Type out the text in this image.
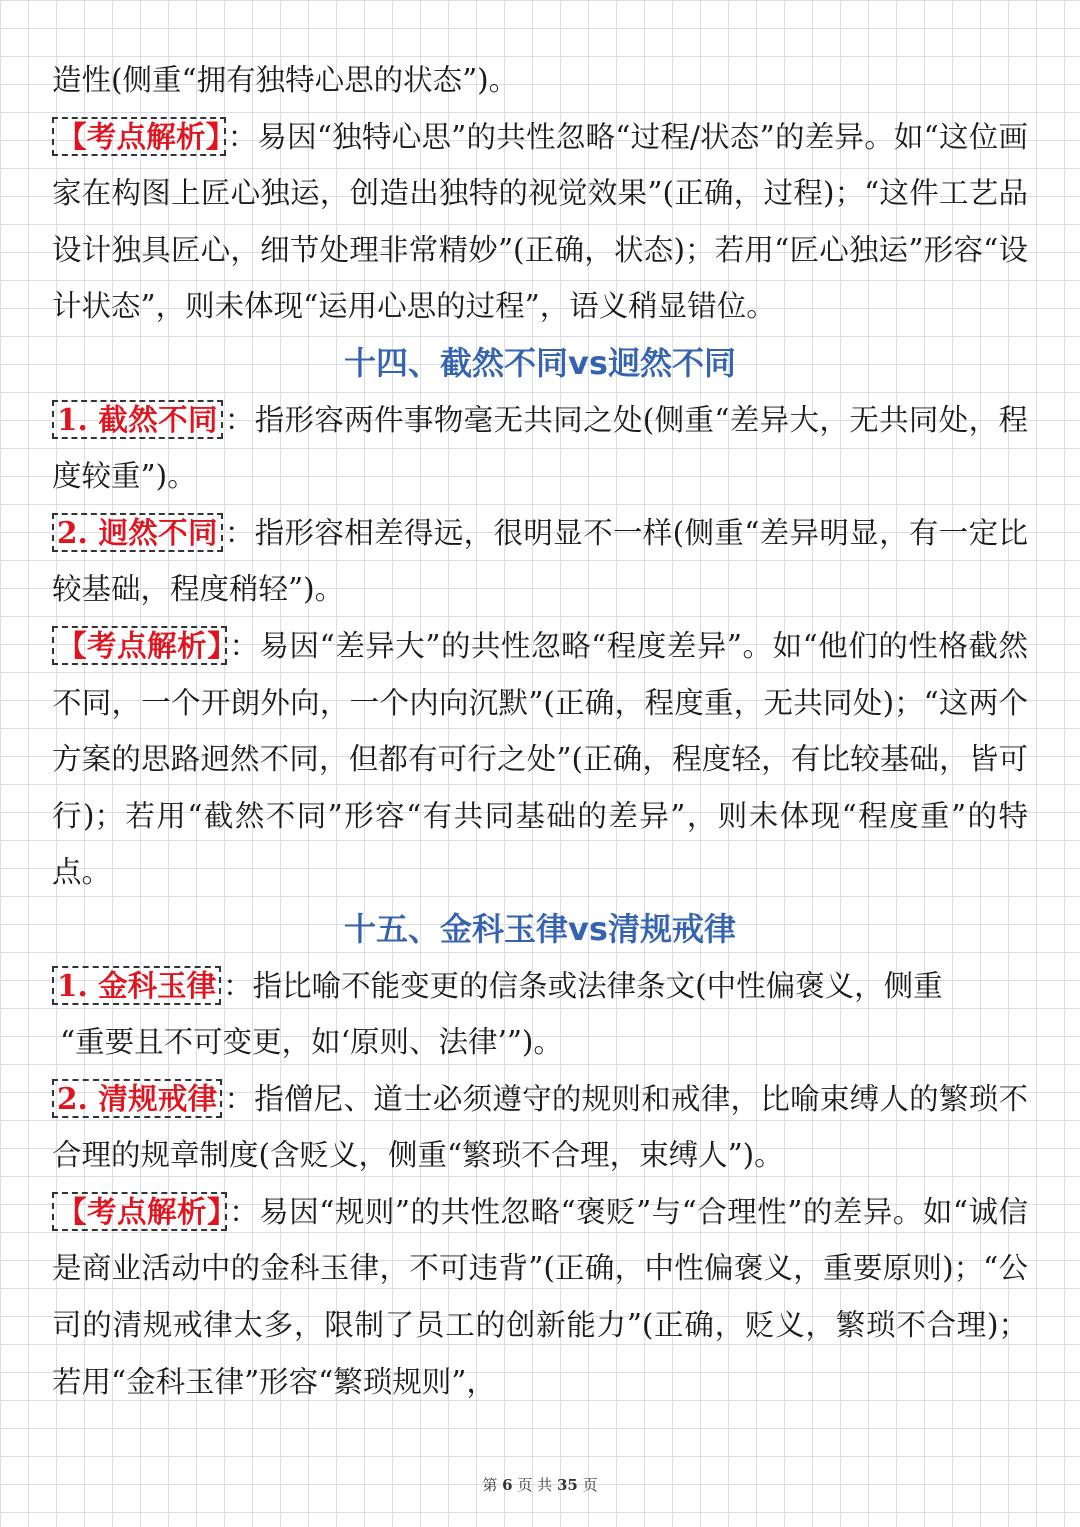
造性(侧重“拥有独特心思的状态”)。

【考点解析】 ：易因“独特心思”的共性忽略“过程/状态”的差异。如“这位画家在构图上匠心独运，创造出独特的视觉效果”(正确，过程)；“这件工艺品设计独具匠心，细节处理非常精妙”(正确，状态)；若用“匠心独运”形容“设计状态”，则未体现“运用心思的过程”，语义稍显错位。

十四、截然不同vs迥然不同

1. 截然不同 ：指形容两件事物毫无共同之处(侧重“差异大，无共同处，程度较重”)。

2. 迥然不同 ：指形容相差得远，很明显不一样(侧重“差异明显，有一定比较基础，程度稍轻”)。

【考点解析】 ：易因“差异大”的共性忽略“程度差异”。如“他们的性格截然不同，一个开朗外向，一个内向沉默”(正确，程度重，无共同处)；“这两个方案的思路迥然不同，但都有可行之处”(正确，程度轻，有比较基础，皆可行)；若用“截然不同”形容“有共同基础的差异”，则未体现“程度重”的特点。

十五、金科玉律vs清规戒律

1. 金科玉律 ：指比喻不能变更的信条或法律条文(中性偏褒义，侧重

“重要且不可变更，如‘原则、法律’”)。

2. 清规戒律 ：指僧尼、道士必须遵守的规则和戒律，比喻束缚人的繁琐不合理的规章制度(含贬义，侧重“繁琐不合理，束缚人”)。

【考点解析】 ：易因“规则”的共性忽略“褒贬”与“合理性”的差异。如“诚信是商业活动中的金科玉律，不可违背”(正确，中性偏褒义，重要原则)；“公司的清规戒律太多，限制了员工的创新能力”(正确，贬义，繁琐不合理)；若用“金科玉律”形容“繁琐规则”，

第 6 页 共 35 页
